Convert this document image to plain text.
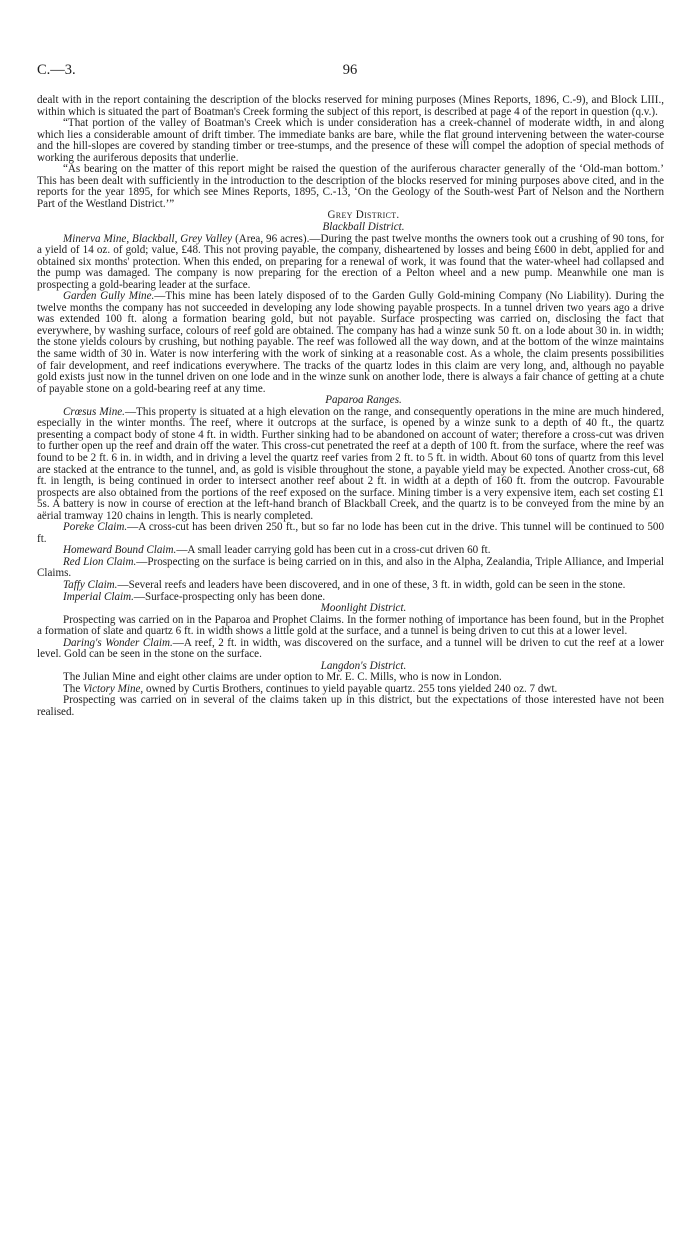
C.—3.	96

dealt with in the report containing the description of the blocks reserved for mining purposes (Mines Reports, 1896, C.-9), and Block LIII., within which is situated the part of Boatman's Creek forming the subject of this report, is described at page 4 of the report in question (q.v.).

“That portion of the valley of Boatman's Creek which is under consideration has a creek-channel of moderate width, in and along which lies a considerable amount of drift timber. The immediate banks are bare, while the flat ground intervening between the water-course and the hill-slopes are covered by standing timber or tree-stumps, and the presence of these will compel the adoption of special methods of working the auriferous deposits that underlie.

“As bearing on the matter of this report might be raised the question of the auriferous character generally of the ‘Old-man bottom.’ This has been dealt with sufficiently in the introduction to the description of the blocks reserved for mining purposes above cited, and in the reports for the year 1895, for which see Mines Reports, 1895, C.-13, ‘On the Geology of the South-west Part of Nelson and the Northern Part of the Westland District.’”

Grey District.

Blackball District.

Minerva Mine, Blackball, Grey Valley (Area, 96 acres).—During the past twelve months the owners took out a crushing of 90 tons, for a yield of 14 oz. of gold; value, £48. This not proving payable, the company, disheartened by losses and being £600 in debt, applied for and obtained six months' protection. When this ended, on preparing for a renewal of work, it was found that the water-wheel had collapsed and the pump was damaged. The company is now preparing for the erection of a Pelton wheel and a new pump. Meanwhile one man is prospecting a gold-bearing leader at the surface.

Garden Gully Mine.—This mine has been lately disposed of to the Garden Gully Gold-mining Company (No Liability). During the twelve months the company has not succeeded in developing any lode showing payable prospects. In a tunnel driven two years ago a drive was extended 100 ft. along a formation bearing gold, but not payable. Surface prospecting was carried on, disclosing the fact that everywhere, by washing surface, colours of reef gold are obtained. The company has had a winze sunk 50 ft. on a lode about 30 in. in width; the stone yields colours by crushing, but nothing payable. The reef was followed all the way down, and at the bottom of the winze maintains the same width of 30 in. Water is now interfering with the work of sinking at a reasonable cost. As a whole, the claim presents possibilities of fair development, and reef indications everywhere. The tracks of the quartz lodes in this claim are very long, and, although no payable gold exists just now in the tunnel driven on one lode and in the winze sunk on another lode, there is always a fair chance of getting at a chute of payable stone on a gold-bearing reef at any time.

Paparoa Ranges.

Crœsus Mine.—This property is situated at a high elevation on the range, and consequently operations in the mine are much hindered, especially in the winter months. The reef, where it outcrops at the surface, is opened by a winze sunk to a depth of 40 ft., the quartz presenting a compact body of stone 4 ft. in width. Further sinking had to be abandoned on account of water; therefore a cross-cut was driven to further open up the reef and drain off the water. This cross-cut penetrated the reef at a depth of 100 ft. from the surface, where the reef was found to be 2 ft. 6 in. in width, and in driving a level the quartz reef varies from 2 ft. to 5 ft. in width. About 60 tons of quartz from this level are stacked at the entrance to the tunnel, and, as gold is visible throughout the stone, a payable yield may be expected. Another cross-cut, 68 ft. in length, is being continued in order to intersect another reef about 2 ft. in width at a depth of 160 ft. from the outcrop. Favourable prospects are also obtained from the portions of the reef exposed on the surface. Mining timber is a very expensive item, each set costing £1 5s. A battery is now in course of erection at the left-hand branch of Blackball Creek, and the quartz is to be conveyed from the mine by an aërial tramway 120 chains in length. This is nearly completed.

Poreke Claim.—A cross-cut has been driven 250 ft., but so far no lode has been cut in the drive. This tunnel will be continued to 500 ft.

Homeward Bound Claim.—A small leader carrying gold has been cut in a cross-cut driven 60 ft.

Red Lion Claim.—Prospecting on the surface is being carried on in this, and also in the Alpha, Zealandia, Triple Alliance, and Imperial Claims.

Taffy Claim.—Several reefs and leaders have been discovered, and in one of these, 3 ft. in width, gold can be seen in the stone.

Imperial Claim.—Surface-prospecting only has been done.

Moonlight District.

Prospecting was carried on in the Paparoa and Prophet Claims. In the former nothing of importance has been found, but in the Prophet a formation of slate and quartz 6 ft. in width shows a little gold at the surface, and a tunnel is being driven to cut this at a lower level.

Daring's Wonder Claim.—A reef, 2 ft. in width, was discovered on the surface, and a tunnel will be driven to cut the reef at a lower level. Gold can be seen in the stone on the surface.

Langdon's District.

The Julian Mine and eight other claims are under option to Mr. E. C. Mills, who is now in London.

The Victory Mine, owned by Curtis Brothers, continues to yield payable quartz. 255 tons yielded 240 oz. 7 dwt.

Prospecting was carried on in several of the claims taken up in this district, but the expectations of those interested have not been realised.
